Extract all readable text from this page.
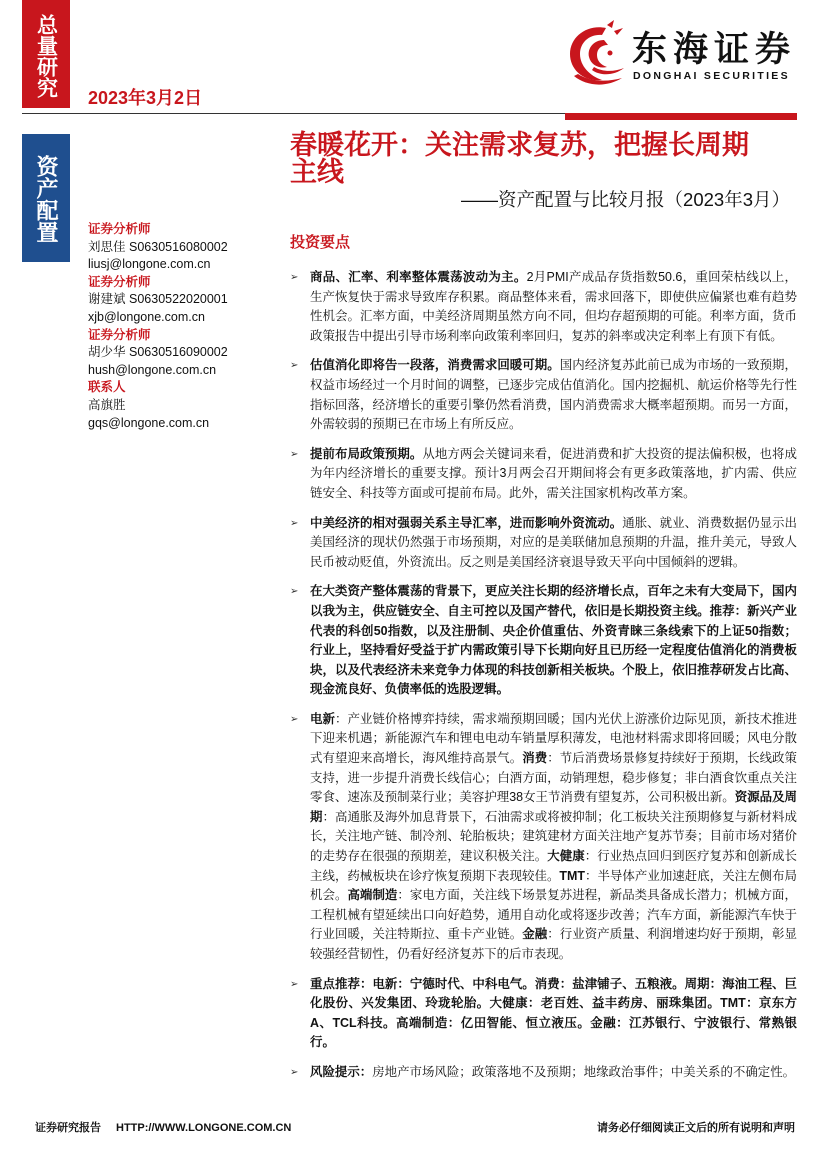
总量研究 2023年3月2日
东海证券
DONGHAI SECURITIES
资产配置
春暖花开：关注需求复苏，把握长周期主线
——资产配置与比较月报（2023年3月）
证券分析师
刘思佳 S0630516080002
liusj@longone.com.cn
证券分析师
谢建斌 S0630522020001
xjb@longone.com.cn
证券分析师
胡少华 S0630516090002
hush@longone.com.cn
联系人
高旗胜
gqs@longone.com.cn
投资要点
➢ 商品、汇率、利率整体震荡波动为主。2月PMI产成品存货指数50.6，重回荣枯线以上，生产恢复快于需求导致库存积累。商品整体来看，需求回落下，即使供应偏紧也难有趋势性机会。汇率方面，中美经济周期虽然方向不同，但均存超预期的可能。利率方面，货币政策报告中提出引导市场利率向政策利率回归，复苏的斜率或决定利率上有顶下有低。

➢ 估值消化即将告一段落，消费需求回暖可期。国内经济复苏此前已成为市场的一致预期，权益市场经过一个月时间的调整，已逐步完成估值消化。国内挖掘机、航运价格等先行性指标回落，经济增长的重要引擎仍然看消费，国内消费需求大概率超预期。而另一方面，外需较弱的预期已在市场上有所反应。

➢ 提前布局政策预期。从地方两会关键词来看，促进消费和扩大投资的提法偏积极，也将成为年内经济增长的重要支撑。预计3月两会召开期间将会有更多政策落地，扩内需、供应链安全、科技等方面或可提前布局。此外，需关注国家机构改革方案。

➢ 中美经济的相对强弱关系主导汇率，进而影响外资流动。通胀、就业、消费数据仍显示出美国经济的现状仍然强于市场预期，对应的是美联储加息预期的升温，推升美元，导致人民币被动贬值，外资流出。反之则是美国经济衰退导致天平向中国倾斜的逻辑。

➢ 在大类资产整体震荡的背景下，更应关注长期的经济增长点，百年之未有大变局下，国内以我为主，供应链安全、自主可控以及国产替代，依旧是长期投资主线。推荐：新兴产业代表的科创50指数，以及注册制、央企价值重估、外资青睐三条线索下的上证50指数；行业上，坚持看好受益于扩内需政策引导下长期向好且已历经一定程度估值消化的消费板块，以及代表经济未来竞争力体现的科技创新相关板块。个股上，依旧推荐研发占比高、现金流良好、负债率低的选股逻辑。

➢ 电新：产业链价格博弈持续，需求端预期回暖；国内光伏上游涨价边际见顶，新技术推进下迎来机遇；新能源汽车和锂电电动车销量厚积薄发，电池材料需求即将回暖；风电分散式有望迎来高增长，海风维持高景气。消费：节后消费场景修复持续好于预期，长线政策支持，进一步提升消费长线信心；白酒方面，动销理想，稳步修复；非白酒食饮重点关注零食、速冻及预制菜行业；美容护理38女王节消费有望复苏，公司积极出新。资源品及周期：高通胀及海外加息背景下，石油需求或将被抑制；化工板块关注预期修复与新材料成长，关注地产链、制冷剂、轮胎板块；建筑建材方面关注地产复苏节奏；目前市场对猪价的走势存在很强的预期差，建议积极关注。大健康：行业热点回归到医疗复苏和创新成长主线，药械板块在诊疗恢复预期下表现较佳。TMT：半导体产业加速赶底，关注左侧布局机会。高端制造：家电方面，关注线下场景复苏进程，新品类具备成长潜力；机械方面，工程机械有望延续出口向好趋势，通用自动化或将逐步改善；汽车方面，新能源汽车快于行业回暖，关注特斯拉、重卡产业链。金融：行业资产质量、利润增速均好于预期，彰显较强经营韧性，仍看好经济复苏下的后市表现。

➢ 重点推荐：电新：宁德时代、中科电气。消费：盐津铺子、五粮液。周期：海油工程、巨化股份、兴发集团、玲珑轮胎。大健康：老百姓、益丰药房、丽珠集团。TMT：京东方A、TCL科技。高端制造：亿田智能、恒立液压。金融：江苏银行、宁波银行、常熟银行。

➢ 风险提示：房地产市场风险；政策落地不及预期；地缘政治事件；中美关系的不确定性。

证券研究报告 HTTP://WWW.LONGONE.COM.CN	请务必仔细阅读正文后的所有说明和声明
